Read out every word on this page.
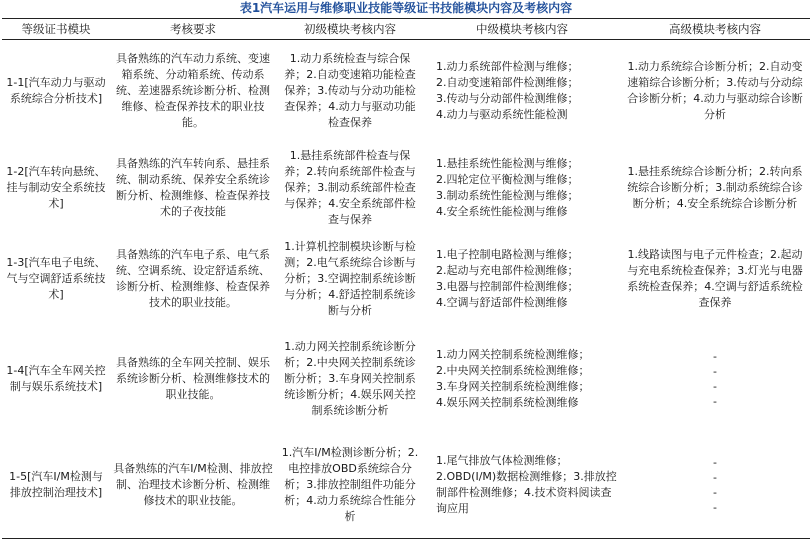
表1汽车运用与维修职业技能等级证书技能模块内容及考核内容
等级证书模块	考核要求	初级模块考核内容	中级模块考核内容	高级模块考核内容
1-1[汽车动力与驱动系统综合分析技术]	具备熟练的汽车动力系统、变速箱系统、分动箱系统、传动系统、差速器系统诊断分析、检测维修、检查保养技术的职业技能。	1.动力系统检查与综合保养；2.自动变速箱功能检查保养；3.传动与分动功能检查保养；4.动力与驱动功能检查保养	1.动力系统部件检测与维修；
2.自动变速箱部件检测维修；
3.传动与分动部件检测维修；
4.动力与驱动系统性能检测	1.动力系统综合诊断分析；2.自动变速箱综合诊断分析；3.传动与分动综合诊断分析；4.动力与驱动综合诊断分析
1-2[汽车转向悬统、挂与制动安全系统技术]	具备熟练的汽车转向系、悬挂系统、制动系统、保养安全系统诊断分析、检测维修、检查保养技术的子夜技能	1.悬挂系统部件检查与保养；2.转向系统部件检查与保养；3.制动系统部件检查与保养；4.安全系统部件检查与保养	1.悬挂系统性能检测与维修；
2.四轮定位平衡检测与维修；
3.制动系统性能检测与维修；
4.安全系统性能检测与维修	1.悬挂系统综合诊断分析；2.转向系统综合诊断分析；3.制动系统综合诊断分析；4.安全系统综合诊断分析
1-3[汽车电子电统、气与空调舒适系统技术]	具备熟练的汽车电子系、电气系统、空调系统、设定舒适系统、诊断分析、检测维修、检查保养技术的职业技能。	1.计算机控制模块诊断与检测；2.电气系统综合诊断与分析；3.空调控制系统诊断与分析；4.舒适控制系统诊断与分析	1.电子控制电路检测与维修；
2.起动与充电部件检测维修；
3.电器与控制部件检测维修；
4.空调与舒适部件检测维修	1.线路读图与电子元件检查；2.起动与充电系统检查保养；3.灯光与电器系统检查保养；4.空调与舒适系统检查保养
1-4[汽车全车网关控制与娱乐系统技术]	具备熟练的全车网关控制、娱乐系统诊断分析、检测维修技术的职业技能。	1.动力网关控制系统诊断分析；2.中央网关控制系统诊断分析；3.车身网关控制系统诊断分析；4.娱乐网关控制系统诊断分析	1.动力网关控制系统检测维修；
2.中央网关控制系统检测维修；
3.车身网关控制系统检测维修；
4.娱乐网关控制系统检测维修	-
-
-
-

1-5[汽车I/M检测与排放控制治理技术]	具备熟练的汽车I/M检测、排放控制、治理技术诊断分析、检测维修技术的职业技能。	1.汽车I/M检测诊断分析；2.电控排放OBD系统综合分析；3.排放控制组件功能分析；4.动力系统综合性能分析	1.尾气排放气体检测维修；
2.OBD(I/M)数据检测维修；3.排放控制部件检测维修；4.技术资料阅读查询应用	-
-
-
-
